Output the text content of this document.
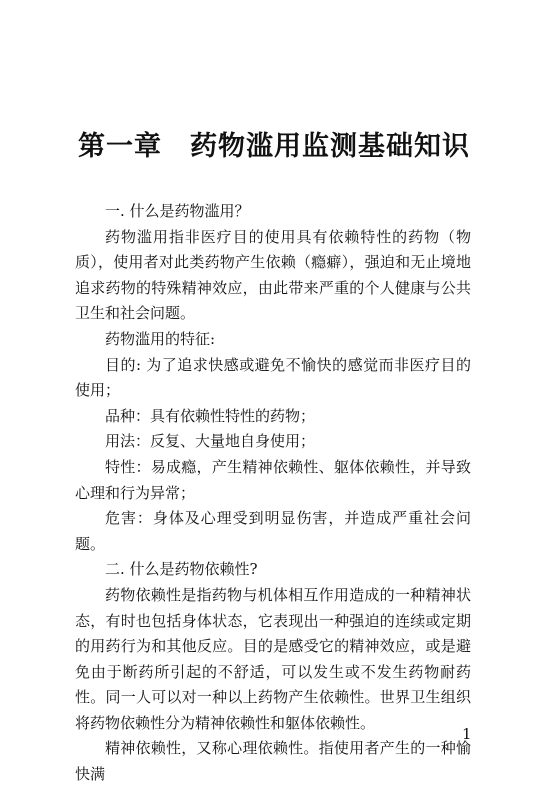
第一章　药物滥用监测基础知识

一. 什么是药物滥用？

药物滥用指非医疗目的使用具有依赖特性的药物（物质），使用者对此类药物产生依赖（瘾癖），强迫和无止境地追求药物的特殊精神效应，由此带来严重的个人健康与公共卫生和社会问题。

药物滥用的特征:

目的: 为了追求快感或避免不愉快的感觉而非医疗目的使用；

品种：具有依赖性特性的药物；

用法：反复、大量地自身使用；

特性：易成瘾，产生精神依赖性、躯体依赖性，并导致心理和行为异常；

危害：身体及心理受到明显伤害，并造成严重社会问题。

二. 什么是药物依赖性?

药物依赖性是指药物与机体相互作用造成的一种精神状态，有时也包括身体状态，它表现出一种强迫的连续或定期的用药行为和其他反应。目的是感受它的精神效应，或是避免由于断药所引起的不舒适，可以发生或不发生药物耐药性。同一人可以对一种以上药物产生依赖性。世界卫生组织将药物依赖性分为精神依赖性和躯体依赖性。

精神依赖性，又称心理依赖性。指使用者产生的一种愉快满

1
